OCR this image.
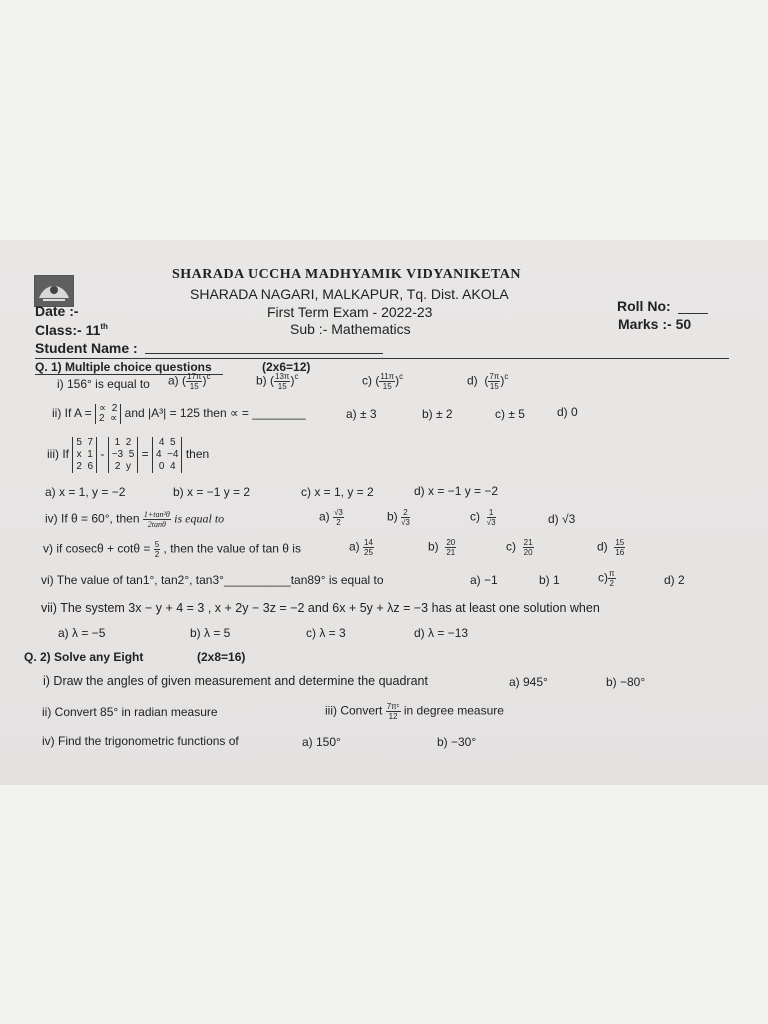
SHARADA UCCHA MADHYAMIK VIDYANIKETAN
SHARADA NAGARI, MALKAPUR, Tq. Dist. AKOLA
First Term Exam - 2022-23
Sub :- Mathematics
Date :-
Class:- 11th
Student Name :
Roll No:
Marks :- 50
Q. 1) Multiple choice questions	(2x6=12)
i) 156° is equal to a) ( $\frac{17\pi}{15} )^c$	b) ( $\frac{13\pi}{15} )^c$	c) ( $\frac{11\pi}{15} )^c$	d)  ( $\frac{7\pi}{15} )^c$
ii) If A = ∝ 2
2 ∝ and |A³| = 125 then ∝ = ________	a) ± 3	b) ± 2	c) ± 5	d) 0
iii) If
5 7
x 1
2 6
-
1 2
−3 5
2 y
=
4 5
4 −4
0 4
then
a) x = 1, y = −2	b) x = −1 y = 2	c) x = 1, y = 2	d) x = −1 y = −2
iv) If θ = 60°, then $\frac{\text{1+tan²θ}}{2\tan\theta}$ is equal to	$a) \frac{√3}{2}$	$b) \frac{2}{√3}$	$c) \frac{1}{√3}$	d) √3
v) if $cosec\theta + \cot\theta = \frac{5}{2}$ , then the value of tan θ is	$a) \frac{14}{25}$	$b) \frac{20}{21}$	$c) \frac{21}{20}$	$d) \frac{15}{16}$
vi) The value of tan1°, tan2°, tan3°__________tan89° is equal to	a) −1	b) 1	$c) \frac{\pi}{2}$	d) 2
vii) The system 3x − y + 4 = 3 , x + 2y − 3z = −2 and 6x + 5y + λz = −3 has at least one solution when
a) λ = −5	b) λ = 5	c) λ = 3	d) λ = −13
Q. 2) Solve any Eight	(2x8=16)
i) Draw the angles of given measurement and determine the quadrant	a) 945°	b) −80°
ii) Convert 85° in radian measure	iii) Convert $\frac{\text{7πᶜ}}{12}$ in degree measure
iv) Find the trigonometric functions of	a) 150°	b) −30°
